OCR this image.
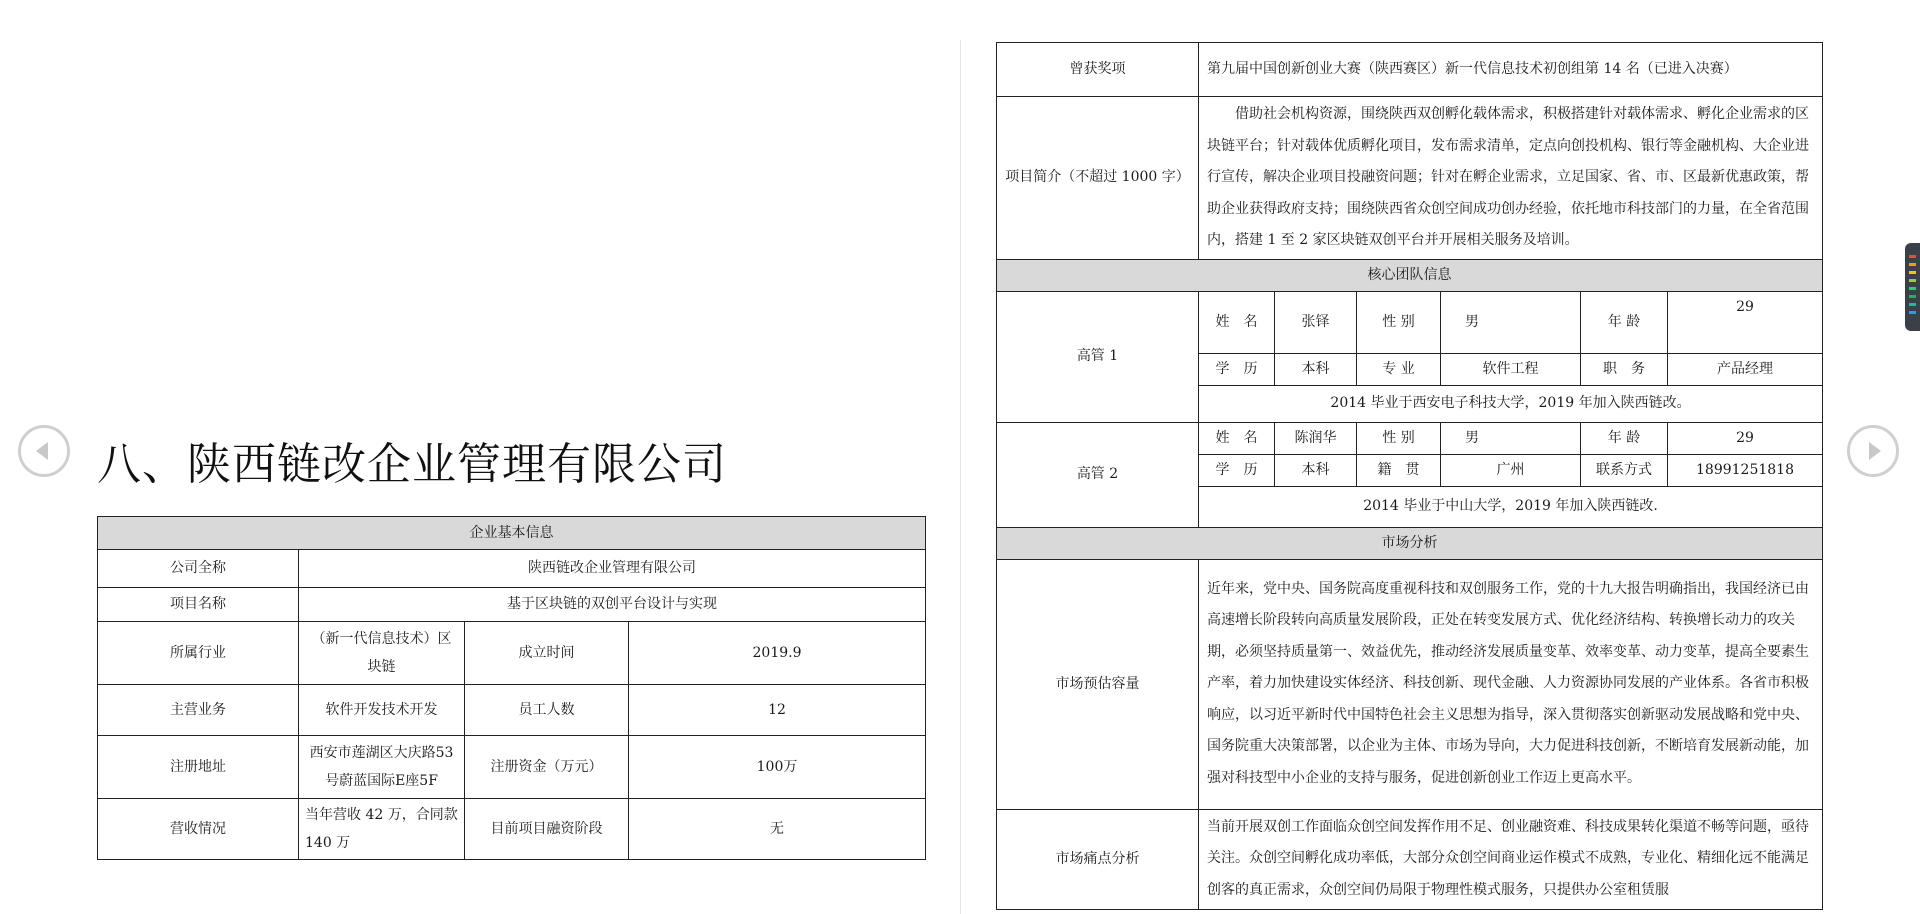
八、陕西链改企业管理有限公司
企业基本信息			
公司全称	陕西链改企业管理有限公司		
项目名称	基于区块链的双创平台设计与实现		
所属行业	（新一代信息技术）区块链	成立时间	2019.9
主营业务	软件开发技术开发	员工人数	12
注册地址	西安市莲湖区大庆路53号蔚蓝国际E座5F	注册资金（万元）	100万
营收情况	当年营收 42 万，合同款 140 万	目前项目融资阶段	无
曾获奖项	第九届中国创新创业大赛（陕西赛区）新一代信息技术初创组第 14 名（已进入决赛）					
项目简介（不超过 1000 字）	借助社会机构资源，围绕陕西双创孵化载体需求，积极搭建针对载体需求、孵化企业需求的区块链平台；针对载体优质孵化项目，发布需求清单，定点向创投机构、银行等金融机构、大企业进行宣传，解决企业项目投融资问题；针对在孵企业需求，立足国家、省、市、区最新优惠政策，帮助企业获得政府支持；围绕陕西省众创空间成功创办经验，依托地市科技部门的力量，在全省范围内，搭建 1 至 2 家区块链双创平台并开展相关服务及培训。					
核心团队信息						
高管 1	姓　名	张铎	性 别	男	年 龄	29
	学　历	本科	专 业	软件工程	职　务	产品经理
	2014 毕业于西安电子科技大学，2019 年加入陕西链改。					
高管 2	姓　名	陈润华	性 别	男	年 龄	29
	学　历	本科	籍　贯	广州	联系方式	18991251818
	2014 毕业于中山大学，2019 年加入陕西链改.					
市场分析						
市场预估容量	近年来，党中央、国务院高度重视科技和双创服务工作，党的十九大报告明确指出，我国经济已由高速增长阶段转向高质量发展阶段，正处在转变发展方式、优化经济结构、转换增长动力的攻关期，必须坚持质量第一、效益优先，推动经济发展质量变革、效率变革、动力变革，提高全要素生产率，着力加快建设实体经济、科技创新、现代金融、人力资源协同发展的产业体系。各省市积极响应，以习近平新时代中国特色社会主义思想为指导，深入贯彻落实创新驱动发展战略和党中央、国务院重大决策部署，以企业为主体、市场为导向，大力促进科技创新，不断培育发展新动能，加强对科技型中小企业的支持与服务，促进创新创业工作迈上更高水平。					
市场痛点分析	当前开展双创工作面临众创空间发挥作用不足、创业融资难、科技成果转化渠道不畅等问题，亟待关注。众创空间孵化成功率低，大部分众创空间商业运作模式不成熟，专业化、精细化远不能满足创客的真正需求，众创空间仍局限于物理性模式服务，只提供办公室租赁服					
